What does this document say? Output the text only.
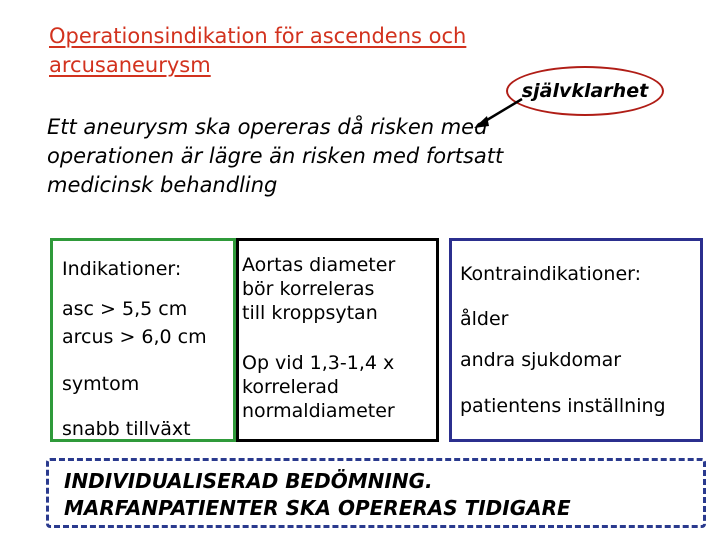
Operationsindikation för ascendens och arcusaneurysm
självklarhet
Ett aneurysm ska opereras då risken med operationen är lägre än risken med fortsatt medicinsk behandling
Indikationer:
asc > 5,5 cm
arcus > 6,0 cm
symtom
snabb tillväxt
Aortas diameter
bör korreleras
till kroppsytan
Op vid 1,3-1,4 x
korrelerad
normaldiameter
Kontraindikationer:
ålder
andra sjukdomar
patientens inställning
INDIVIDUALISERAD BEDÖMNING.
MARFANPATIENTER SKA OPERERAS TIDIGARE
